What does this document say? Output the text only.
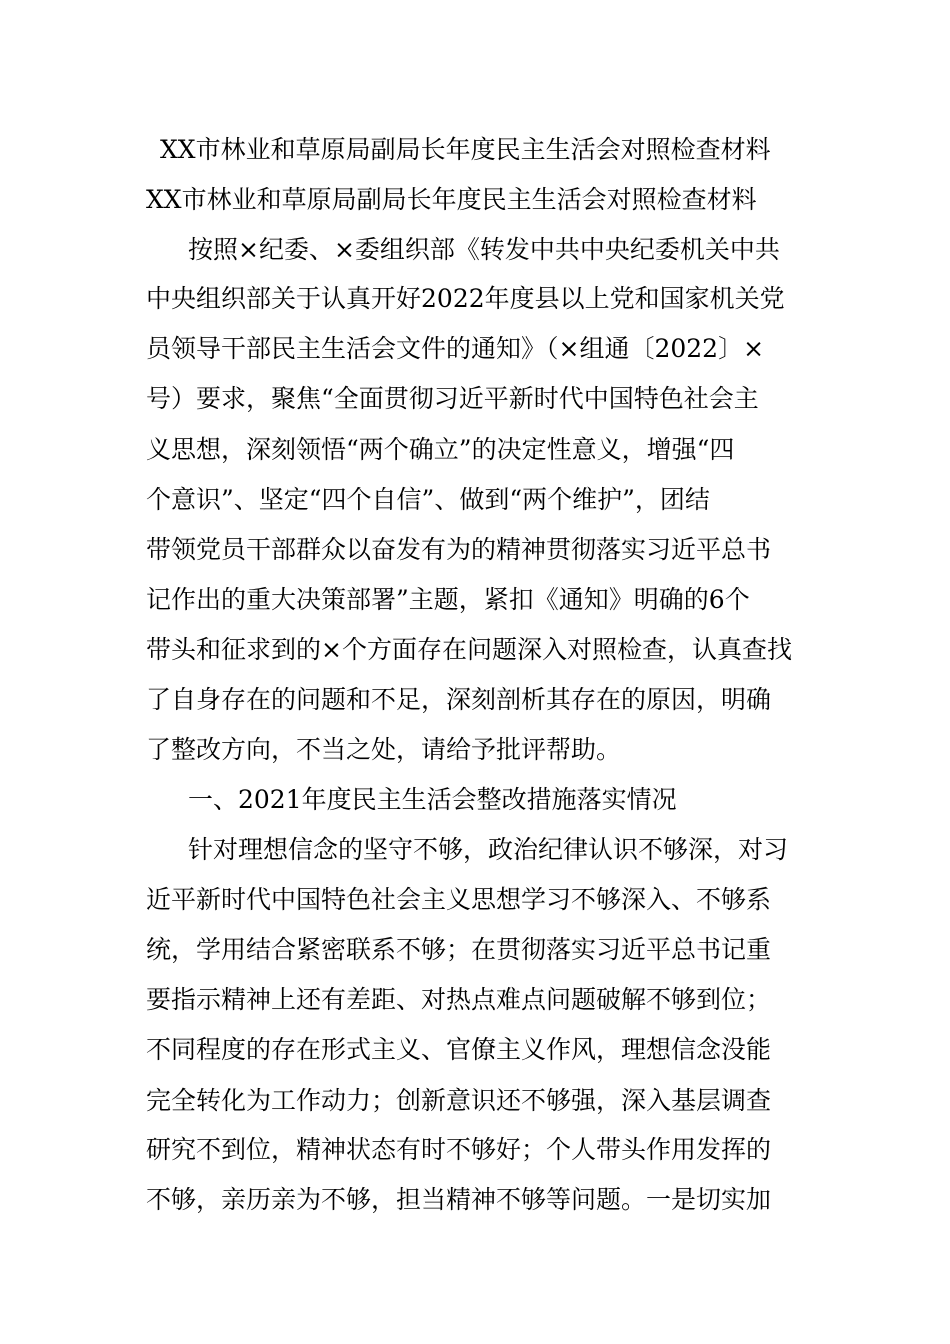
XX市林业和草原局副局长年度民主生活会对照检查材料
XX市林业和草原局副局长年度民主生活会对照检查材料
按照×纪委、×委组织部《转发中共中央纪委机关中共
中央组织部关于认真开好2022年度县以上党和国家机关党
员领导干部民主生活会文件的通知》（×组通〔2022〕×
号）要求，聚焦“全面贯彻习近平新时代中国特色社会主
义思想，深刻领悟“两个确立”的决定性意义，增强“四
个意识”、坚定“四个自信”、做到“两个维护”，团结
带领党员干部群众以奋发有为的精神贯彻落实习近平总书
记作出的重大决策部署”主题，紧扣《通知》明确的6个
带头和征求到的×个方面存在问题深入对照检查，认真查找
了自身存在的问题和不足，深刻剖析其存在的原因，明确
了整改方向，不当之处，请给予批评帮助。
一、2021年度民主生活会整改措施落实情况
针对理想信念的坚守不够，政治纪律认识不够深，对习
近平新时代中国特色社会主义思想学习不够深入、不够系
统，学用结合紧密联系不够；在贯彻落实习近平总书记重
要指示精神上还有差距、对热点难点问题破解不够到位；
不同程度的存在形式主义、官僚主义作风，理想信念没能
完全转化为工作动力；创新意识还不够强，深入基层调查
研究不到位，精神状态有时不够好；个人带头作用发挥的
不够，亲历亲为不够，担当精神不够等问题。一是切实加
